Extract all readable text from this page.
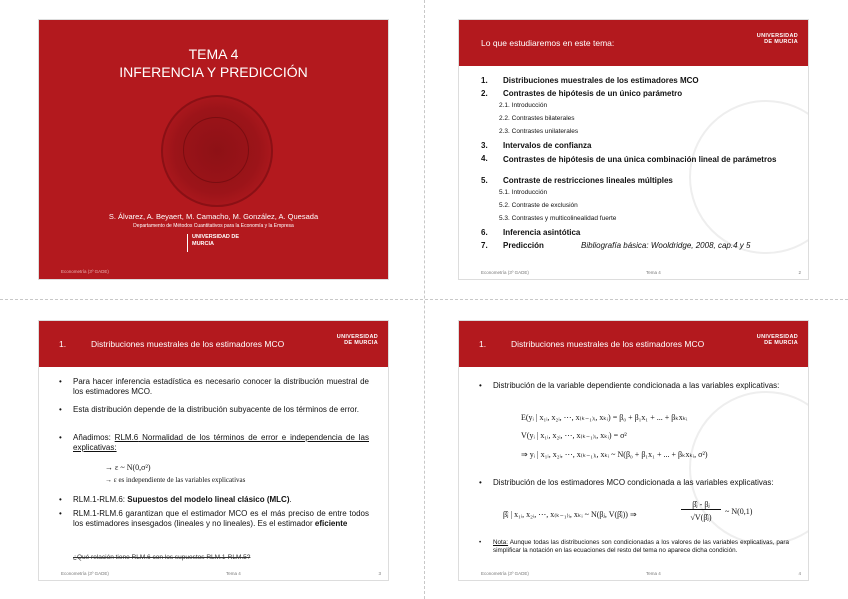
TEMA 4
INFERENCIA Y PREDICCIÓN
S. Álvarez, A. Beyaert, M. Camacho, M. González, A. Quesada
Departamento de Métodos Cuantitativos para la Economía y la Empresa
UNIVERSIDAD DE MURCIA
Econometría (3º GADE)
Lo que estudiaremos en este tema:
UNIVERSIDAD DE MURCIA
1. Distribuciones muestrales de los estimadores MCO
2. Contrastes de hipótesis de un único parámetro
2.1. Introducción
2.2. Contrastes bilaterales
2.3. Contrastes unilaterales
3. Intervalos de confianza
4. Contrastes de hipótesis de una única combinación lineal de parámetros
5. Contraste de restricciones lineales múltiples
5.1. Introducción
5.2. Contraste de exclusión
5.3. Contrastes y multicolinealidad fuerte
6. Inferencia asintótica
7. Predicción	Bibliografía básica: Wooldridge, 2008, cap.4 y 5
Econometría (3º GADE)	Tema 4	2
1.	Distribuciones muestrales de los estimadores MCO
UNIVERSIDAD DE MURCIA
• Para hacer inferencia estadística es necesario conocer la distribución muestral de los estimadores MCO.
• Esta distribución depende de la distribución subyacente de los términos de error.
• Añadimos: RLM.6 Normalidad de los términos de error e independencia de las explicativas:
→ ε ~ N(0,σ²)
→ ε es independiente de las variables explicativas
• RLM.1-RLM.6: Supuestos del modelo lineal clásico (MLC).
• RLM.1-RLM.6 garantizan que el estimador MCO es el más preciso de entre todos los estimadores insesgados (lineales y no lineales). Es el estimador eficiente
¿Qué relación tiene RLM.6 con los supuestos RLM.1-RLM.5?
Econometría (3º GADE)	Tema 4	3
1.	Distribuciones muestrales de los estimadores MCO
UNIVERSIDAD DE MURCIA
• Distribución de la variable dependiente condicionada a las variables explicativas:
E(yᵢ | x₁ᵢ, x₂ᵢ, ⋯, x₍ₖ₋₁₎ᵢ, xₖᵢ) = β₀ + β₁x₁ + ... + βₖxₖᵢ
V(yᵢ | x₁ᵢ, x₂ᵢ, ⋯, x₍ₖ₋₁₎ᵢ, xₖᵢ) = σ²
⇒ yᵢ | x₁ᵢ, x₂ᵢ, ⋯, x₍ₖ₋₁₎ᵢ, xₖᵢ ~ N(β₀ + β₁x₁ + ... + βₖxₖᵢ, σ²)
• Distribución de los estimadores MCO condicionada a las variables explicativas:
β̂ⱼ | x₁ᵢ, x₂ᵢ, ⋯, x₍ₖ₋₁₎ᵢ, xₖᵢ ~ N(βⱼ, V(β̂ⱼ)) ⇒
β̂ⱼ - βⱼ
√V(β̂ⱼ)
~ N(0,1)
• Nota: Aunque todas las distribuciones son condicionadas a los valores de las variables explicativas, para simplificar la notación en las ecuaciones del resto del tema no aparece dicha condición.
Econometría (3º GADE)	Tema 4	4
